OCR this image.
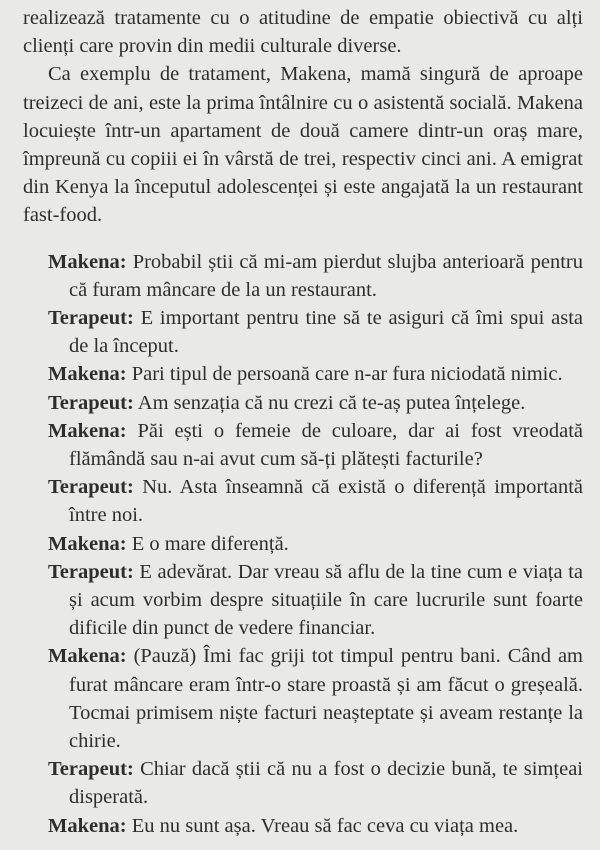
realizează tratamente cu o atitudine de empatie obiectivă cu alți clienți care provin din medii culturale diverse.

Ca exemplu de tratament, Makena, mamă singură de aproape treizeci de ani, este la prima întâlnire cu o asistentă socială. Makena locuiește într-un apartament de două camere dintr-un oraș mare, împreună cu copiii ei în vârstă de trei, respectiv cinci ani. A emigrat din Kenya la începutul adolescenței și este angajată la un restaurant fast-food.

Makena: Probabil știi că mi-am pierdut slujba anterioară pentru că furam mâncare de la un restaurant.

Terapeut: E important pentru tine să te asiguri că îmi spui asta de la început.

Makena: Pari tipul de persoană care n-ar fura niciodată nimic.

Terapeut: Am senzația că nu crezi că te-aș putea înțelege.

Makena: Păi ești o femeie de culoare, dar ai fost vreodată flămândă sau n-ai avut cum să-ți plătești facturile?

Terapeut: Nu. Asta înseamnă că există o diferență importantă între noi.

Makena: E o mare diferență.

Terapeut: E adevărat. Dar vreau să aflu de la tine cum e viața ta și acum vorbim despre situațiile în care lucrurile sunt foarte dificile din punct de vedere financiar.

Makena: (Pauză) Îmi fac griji tot timpul pentru bani. Când am furat mâncare eram într-o stare proastă și am făcut o greșeală. Tocmai primisem niște facturi neașteptate și aveam restanțe la chirie.

Terapeut: Chiar dacă știi că nu a fost o decizie bună, te simțeai disperată.

Makena: Eu nu sunt așa. Vreau să fac ceva cu viața mea.
